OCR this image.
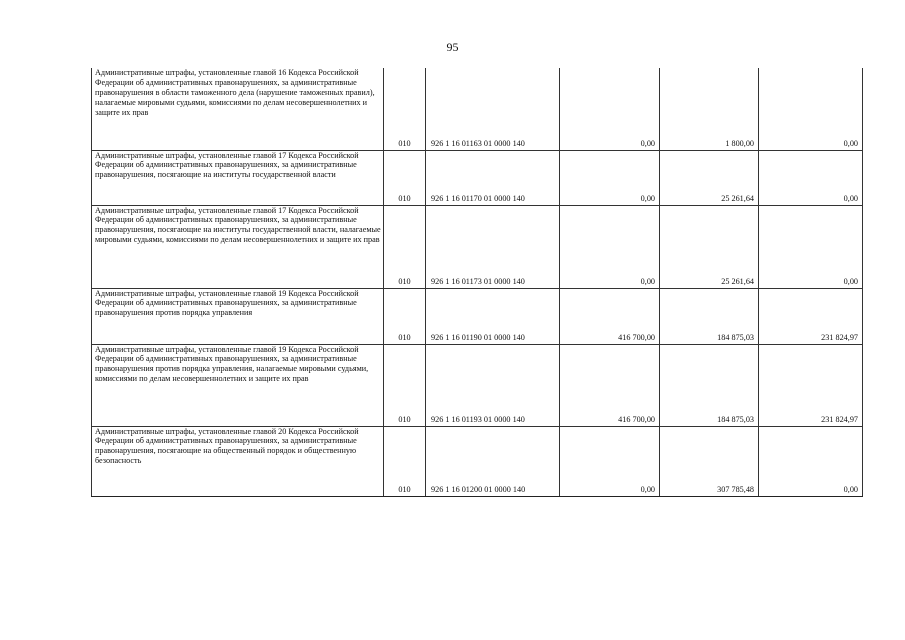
95
Административные штрафы, установленные главой 16 Кодекса Российской Федерации об административных правонарушениях, за административные правонарушения в области таможенного дела (нарушение таможенных правил), налагаемые мировыми судьями, комиссиями по делам несовершеннолетних и защите их прав	010	926 1 16 01163 01 0000 140	0,00	1 800,00	0,00

Административные штрафы, установленные главой 17 Кодекса Российской Федерации об административных правонарушениях, за административные правонарушения, посягающие на институты государственной власти	010	926 1 16 01170 01 0000 140	0,00	25 261,64	0,00

Административные штрафы, установленные главой 17 Кодекса Российской Федерации об административных правонарушениях, за административные правонарушения, посягающие на институты государственной власти, налагаемые мировыми судьями, комиссиями по делам несовершеннолетних и защите их прав	010	926 1 16 01173 01 0000 140	0,00	25 261,64	0,00

Административные штрафы, установленные главой 19 Кодекса Российской Федерации об административных правонарушениях, за административные правонарушения против порядка управления	010	926 1 16 01190 01 0000 140	416 700,00	184 875,03	231 824,97

Административные штрафы, установленные главой 19 Кодекса Российской Федерации об административных правонарушениях, за административные правонарушения против порядка управления, налагаемые мировыми судьями, комиссиями по делам несовершеннолетних и защите их прав	010	926 1 16 01193 01 0000 140	416 700,00	184 875,03	231 824,97

Административные штрафы, установленные главой 20 Кодекса Российской Федерации об административных правонарушениях, за административные правонарушения, посягающие на общественный порядок и общественную безопасность	010	926 1 16 01200 01 0000 140	0,00	307 785,48	0,00
